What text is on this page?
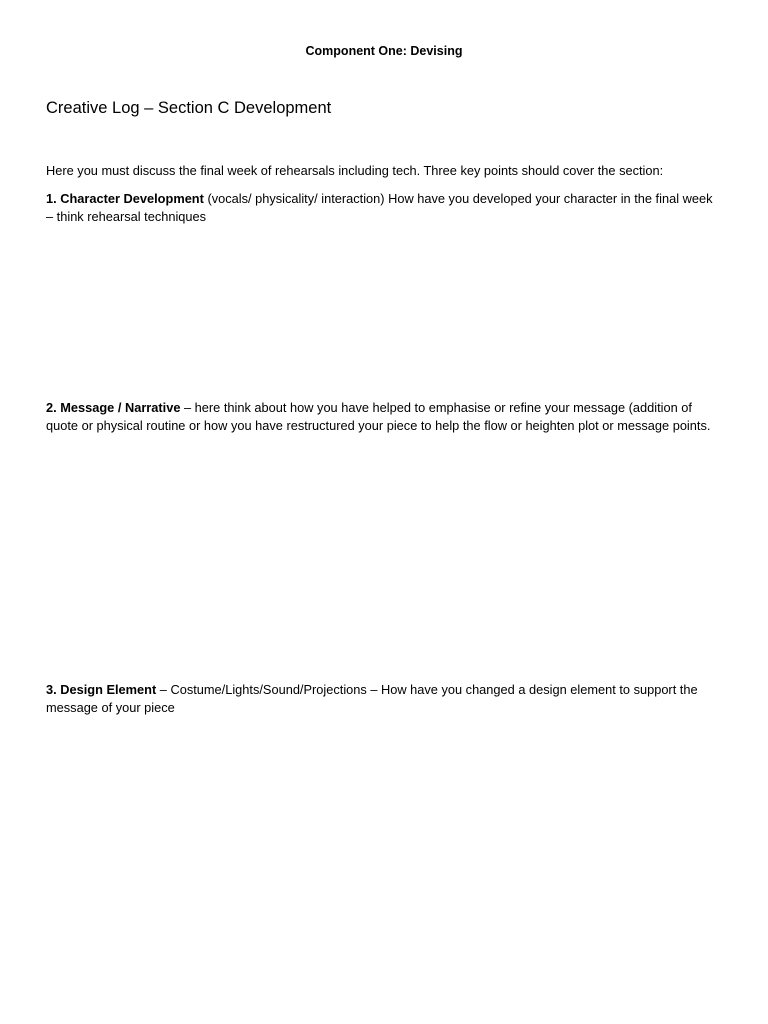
Component One: Devising
Creative Log – Section C Development

Here you must discuss the final week of rehearsals including tech. Three key points should cover the section:

1. Character Development (vocals/ physicality/ interaction) How have you developed your character in the final week – think rehearsal techniques

2. Message / Narrative – here think about how you have helped to emphasise or refine your message (addition of quote or physical routine or how you have restructured your piece to help the flow or heighten plot or message points.

3. Design Element – Costume/Lights/Sound/Projections – How have you changed a design element to support the message of your piece
